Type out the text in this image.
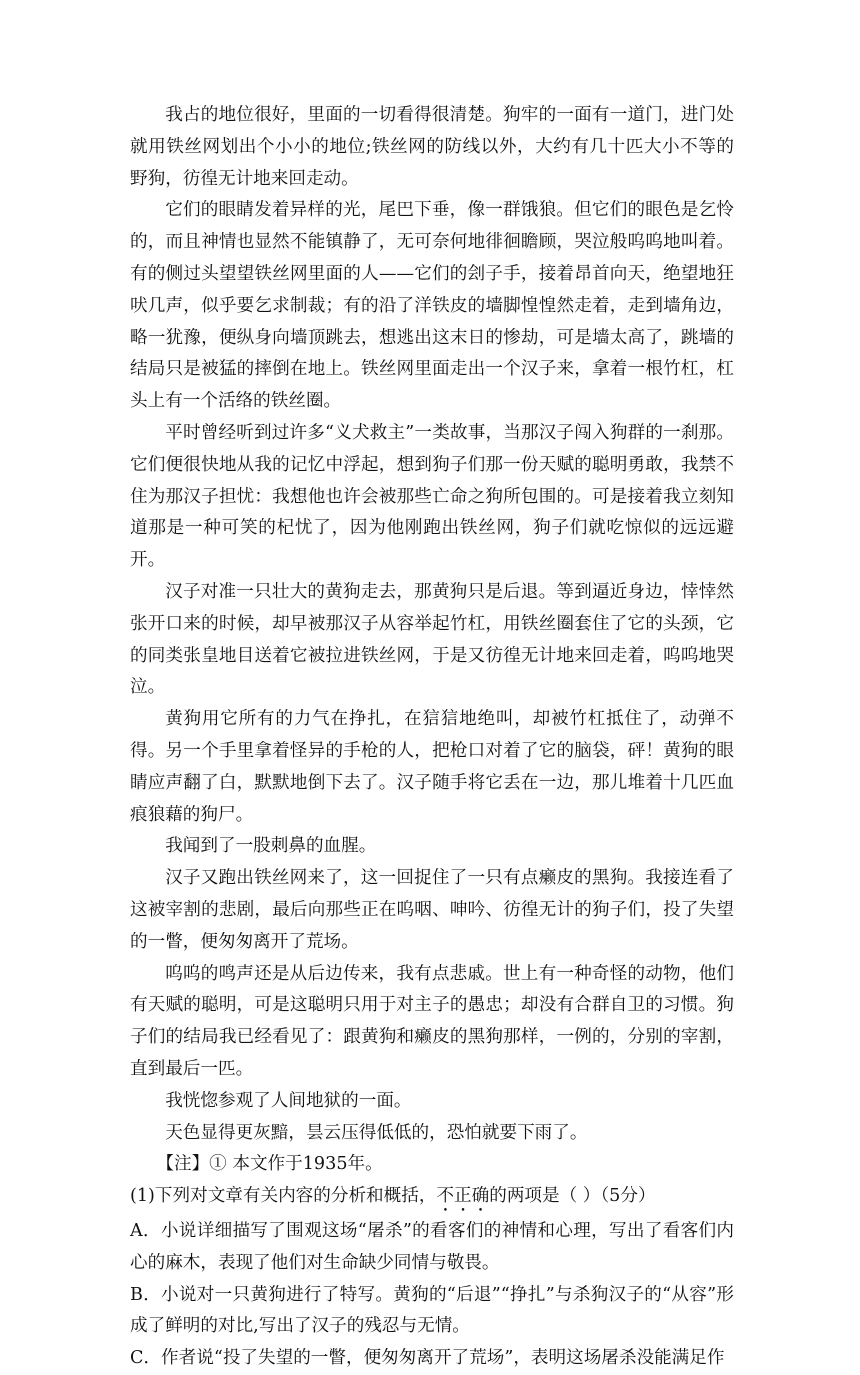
我占的地位很好，里面的一切看得很清楚。狗牢的一面有一道门，进门处就用铁丝网划出个小小的地位;铁丝网的防线以外，大约有几十匹大小不等的野狗，彷徨无计地来回走动。

它们的眼睛发着异样的光，尾巴下垂，像一群饿狼。但它们的眼色是乞怜的，而且神情也显然不能镇静了，无可奈何地徘徊瞻顾，哭泣般呜呜地叫着。有的侧过头望望铁丝网里面的人——它们的刽子手，接着昂首向天，绝望地狂吠几声，似乎要乞求制裁；有的沿了洋铁皮的墙脚惶惶然走着，走到墙角边，略一犹豫，便纵身向墙顶跳去，想逃出这末日的惨劫，可是墙太高了，跳墙的结局只是被猛的摔倒在地上。铁丝网里面走出一个汉子来，拿着一根竹杠，杠头上有一个活络的铁丝圈。

平时曾经听到过许多“义犬救主”一类故事，当那汉子闯入狗群的一刹那。它们便很快地从我的记忆中浮起，想到狗子们那一份天赋的聪明勇敢，我禁不住为那汉子担忧：我想他也许会被那些亡命之狗所包围的。可是接着我立刻知道那是一种可笑的杞忧了，因为他刚跑出铁丝网，狗子们就吃惊似的远远避开。

汉子对准一只壮大的黄狗走去，那黄狗只是后退。等到逼近身边，悻悻然张开口来的时候，却早被那汉子从容举起竹杠，用铁丝圈套住了它的头颈，它的同类张皇地目送着它被拉进铁丝网，于是又彷徨无计地来回走着，呜呜地哭泣。

黄狗用它所有的力气在挣扎，在狺狺地绝叫，却被竹杠抵住了，动弹不得。另一个手里拿着怪异的手枪的人，把枪口对着了它的脑袋，砰！黄狗的眼睛应声翻了白，默默地倒下去了。汉子随手将它丢在一边，那儿堆着十几匹血痕狼藉的狗尸。

我闻到了一股刺鼻的血腥。

汉子又跑出铁丝网来了，这一回捉住了一只有点癞皮的黑狗。我接连看了这被宰割的悲剧，最后向那些正在呜咽、呻吟、彷徨无计的狗子们，投了失望的一瞥，便匆匆离开了荒场。

呜呜的鸣声还是从后边传来，我有点悲戚。世上有一种奇怪的动物，他们有天赋的聪明，可是这聪明只用于对主子的愚忠；却没有合群自卫的习惯。狗子们的结局我已经看见了：跟黄狗和癞皮的黑狗那样，一例的，分别的宰割，直到最后一匹。

我恍惚参观了人间地狱的一面。

天色显得更灰黯，昙云压得低低的，恐怕就要下雨了。

【注】① 本文作于1935年。

(1)下列对文章有关内容的分析和概括，不正确的两项是（ ）（5分）

A．小说详细描写了围观这场“屠杀”的看客们的神情和心理，写出了看客们内心的麻木，表现了他们对生命缺少同情与敬畏。

B．小说对一只黄狗进行了特写。黄狗的“后退”“挣扎”与杀狗汉子的“从容”形成了鲜明的对比,写出了汉子的残忍与无情。

C．作者说“投了失望的一瞥，便匆匆离开了荒场”，表明这场屠杀没能满足作
